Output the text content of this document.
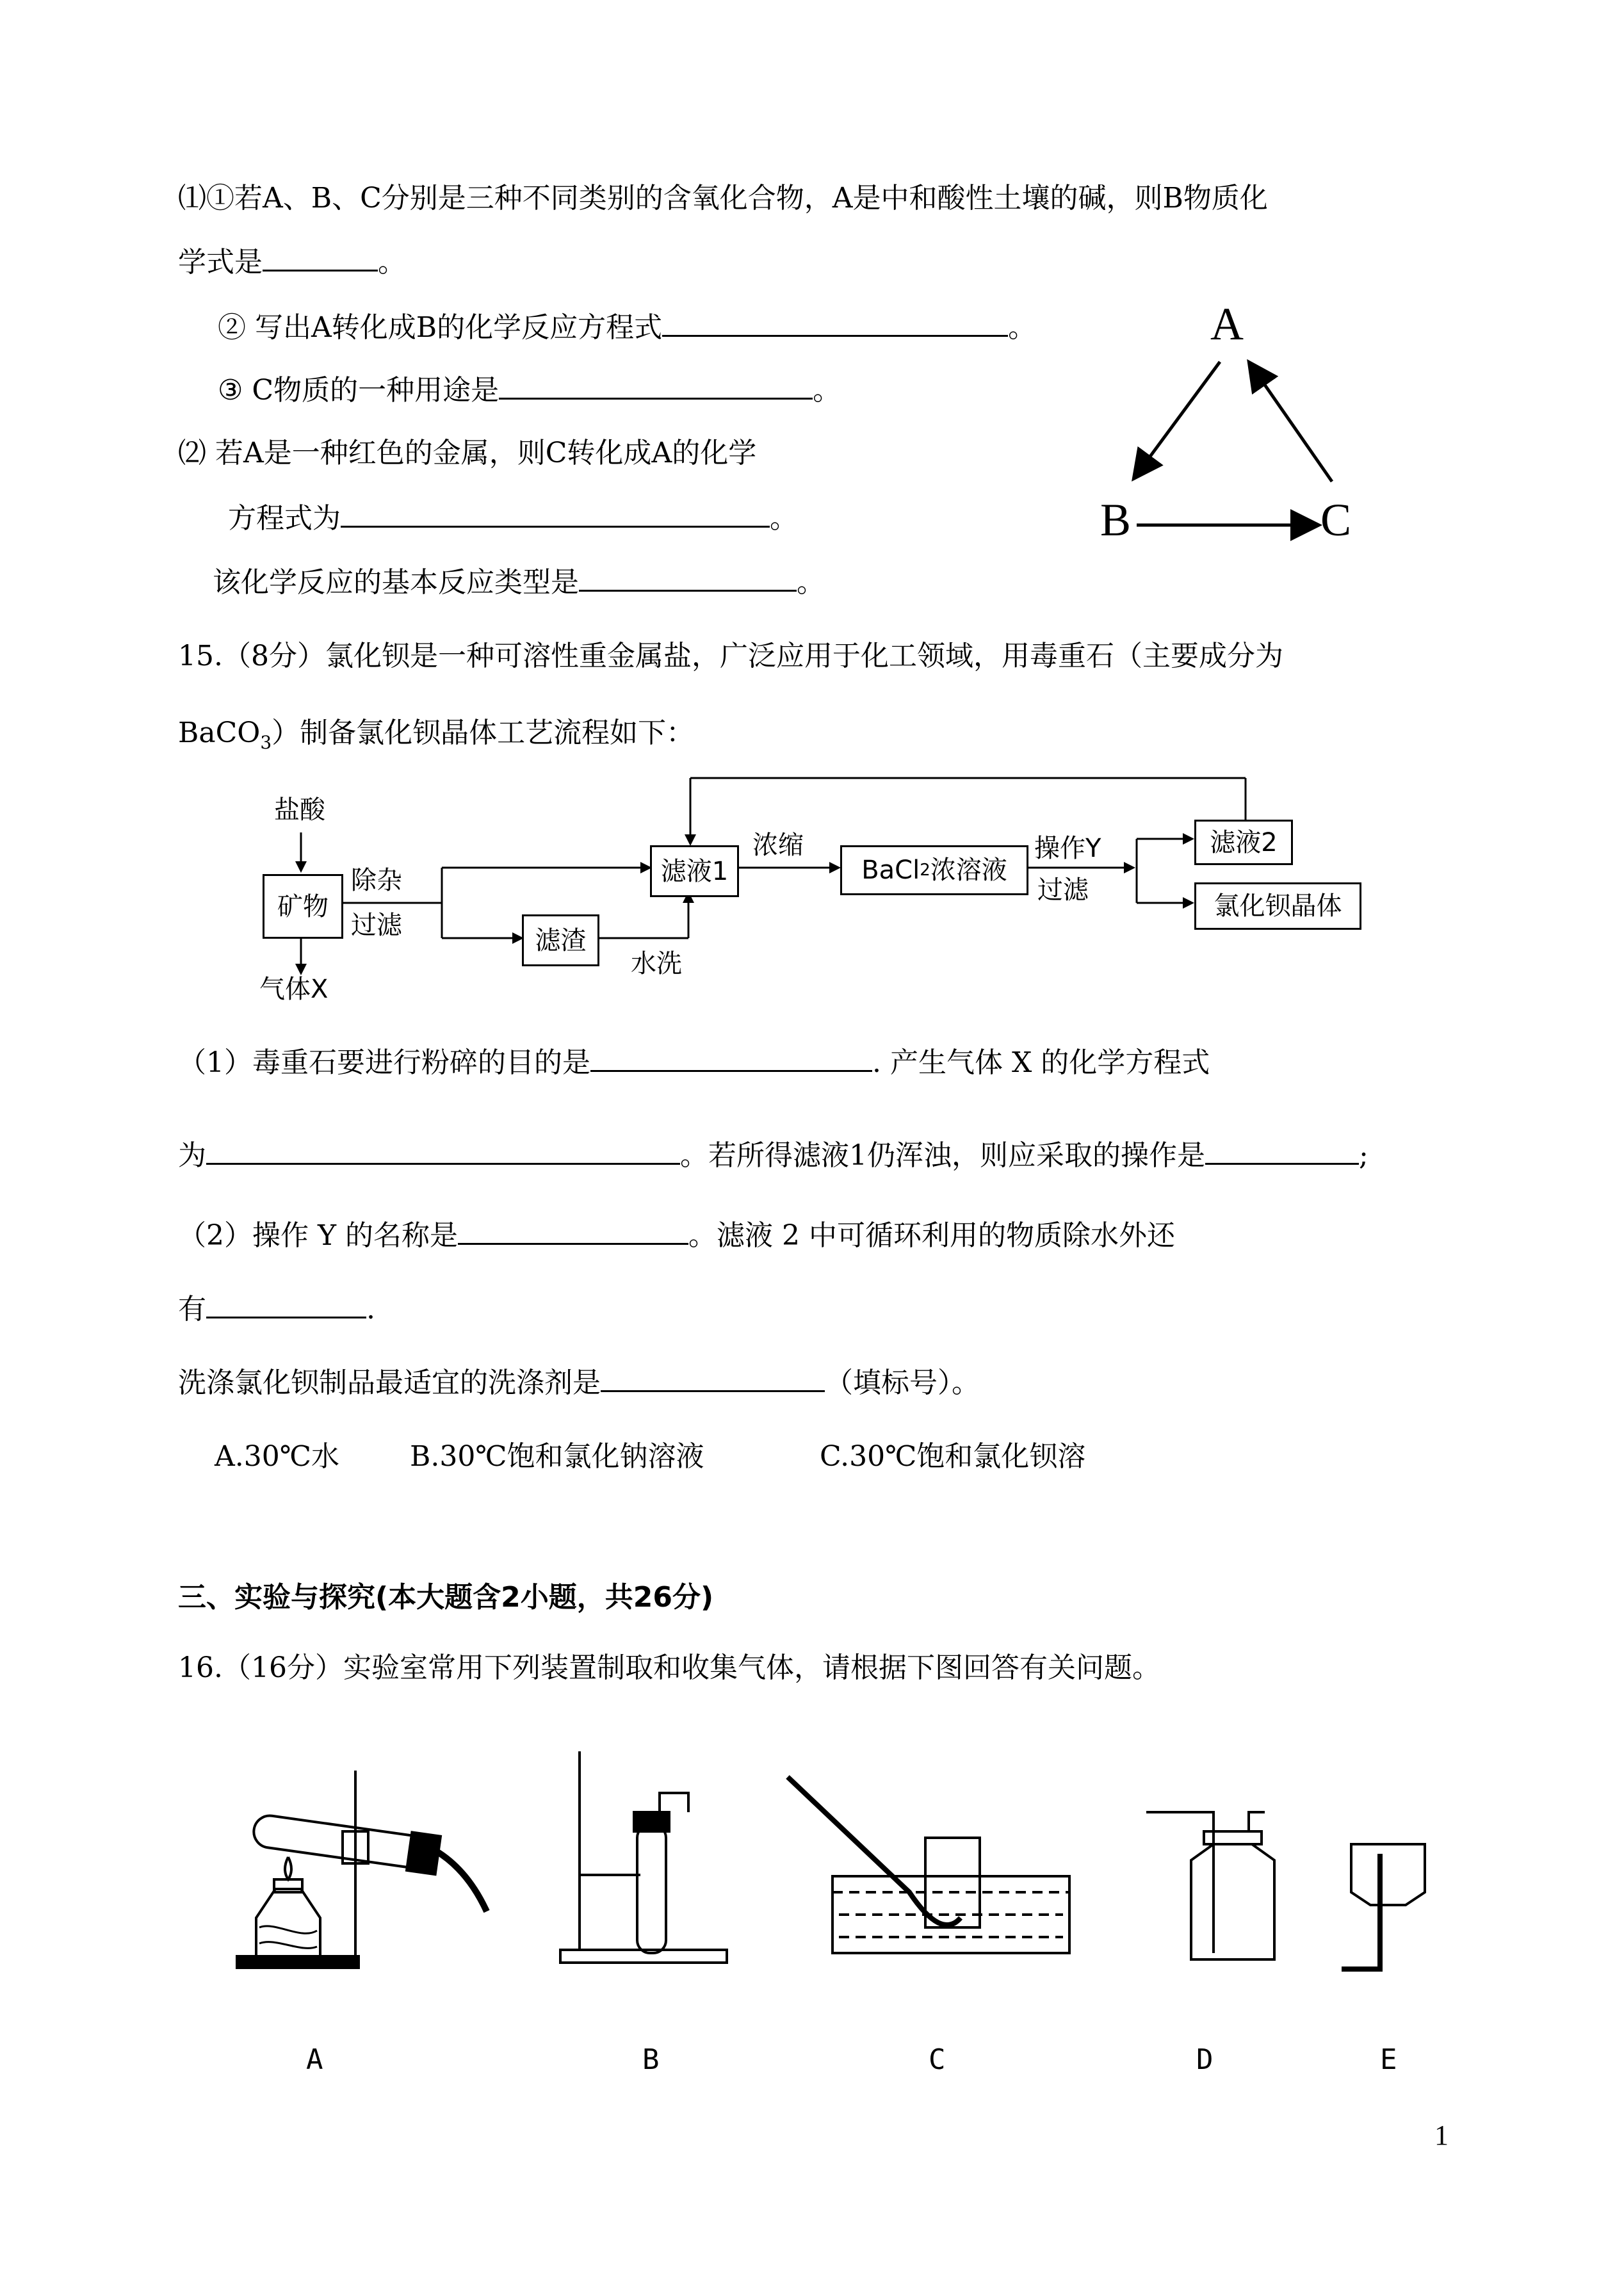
⑴①若A、B、C分别是三种不同类别的含氧化合物，A是中和酸性土壤的碱，则B物质化
学式是	。
② 写出A转化成B的化学反应方程式	。
③ C物质的一种用途是	。
⑵ 若A是一种红色的金属，则C转化成A的化学
方程式为	。
该化学反应的基本反应类型是	。
A
B	C
15.（8分）氯化钡是一种可溶性重金属盐，广泛应用于化工领域，用毒重石（主要成分为
BaCO$_3$）制备氯化钡晶体工艺流程如下：
盐酸
矿物
气体X
除杂
过滤
滤液1
滤渣
水洗
浓缩
BaCl 2 浓溶液
操作Y
过滤
滤液2
氯化钡晶体
（1）毒重石要进行粉碎的目的是	. 产生气体 X 的化学方程式
为	。若所得滤液1仍浑浊，则应采取的操作是	;
（2）操作 Y 的名称是	。滤液 2 中可循环利用的物质除水外还
有	.
洗涤氯化钡制品最适宜的洗涤剂是	（填标号）。
A.30℃水	B.30℃饱和氯化钠溶液	C.30℃饱和氯化钡溶
三、实验与探究(本大题含2小题，共26分)
16.（16分）实验室常用下列装置制取和收集气体，请根据下图回答有关问题。
A	B	C	D	E
1
